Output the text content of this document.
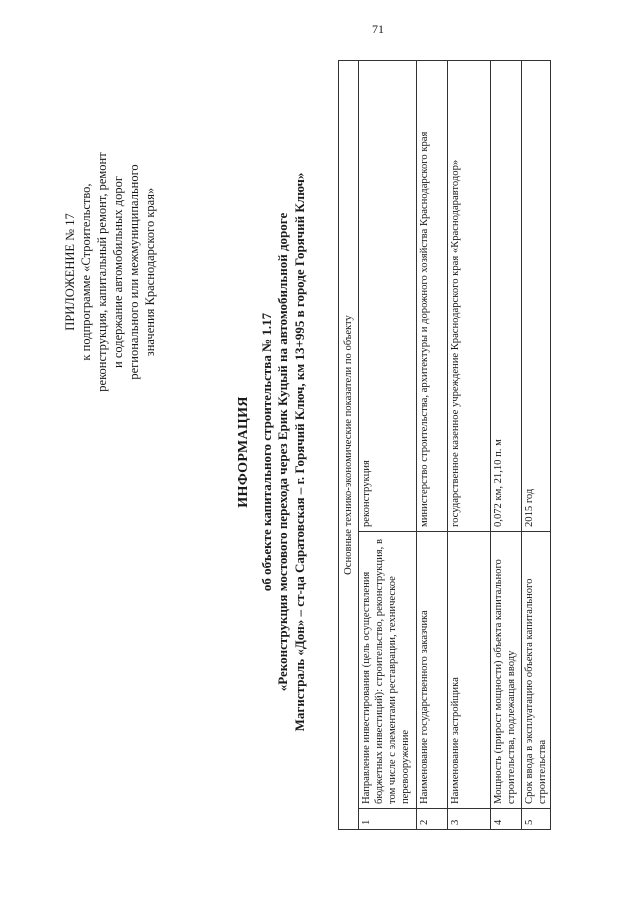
71
ПРИЛОЖЕНИЕ № 17 к подпрограмме «Строительство, реконструкция, капитальный ремонт, ремонт и содержание автомобильных дорог регионального или межмуниципального значения Краснодарского края»
ИНФОРМАЦИЯ об объекте капитального строительства № 1.17 «Реконструкция мостового перехода через Ерик Куцый на автомобильной дороге Магистраль «Дон» – ст-ца Саратовская – г. Горячий Ключ, км 13+995 в городе Горячий Ключ»	Основные технико-экономические показатели по объекту		
1	Направление инвестирования (цель осуществления бюджетных инвестиций): строительство, реконструкция, в том числе с элементами реставрации, техническое перевооружение	реконструкция
2	Наименование государственного заказчика	министерство строительства, архитектуры и дорожного хозяйства Краснодарского края
3	Наименование застройщика	государственное казенное учреждение Краснодарского края «Краснодаравтодор»
4	Мощность (прирост мощности) объекта капитального строительства, подлежащая вводу	0,072 км, 21,10 п. м
5	Срок ввода в эксплуатацию объекта капитального строительства	2015 год
